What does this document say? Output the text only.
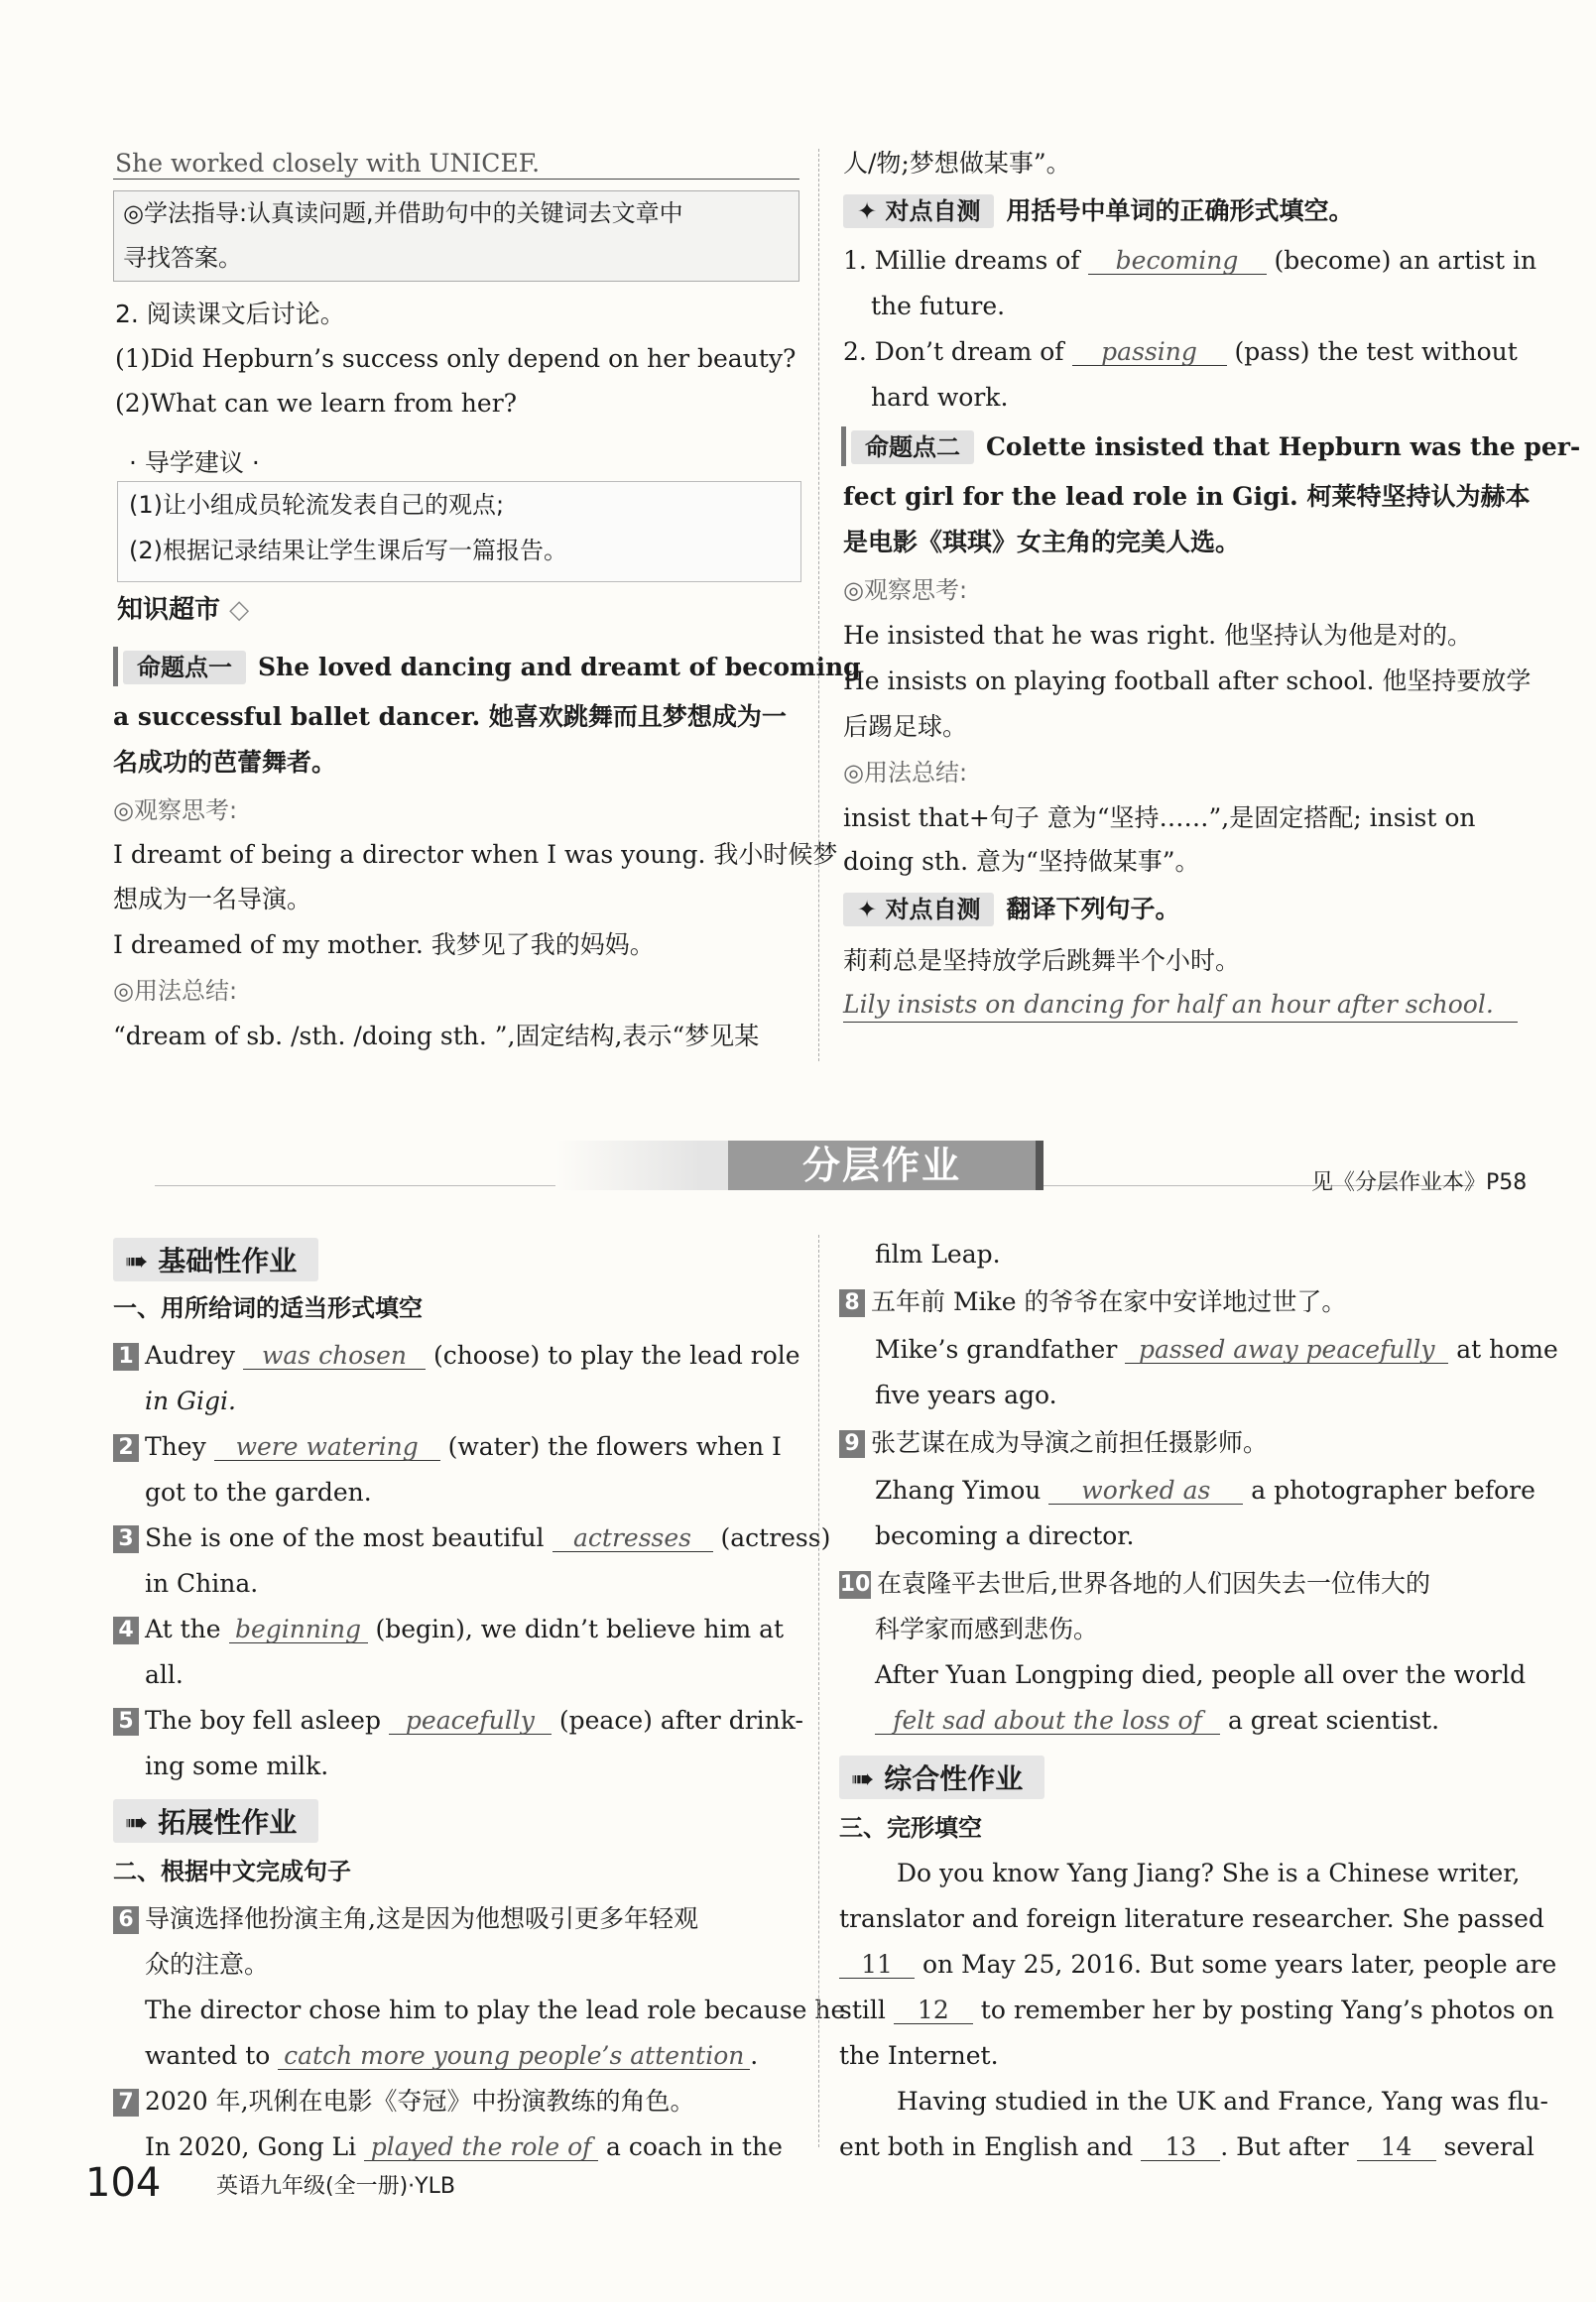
She worked closely with UNICEF.
◎学法指导:认真读问题,并借助句中的关键词去文章中
寻找答案。
2. 阅读课文后讨论。
(1)Did Hepburn’s success only depend on her beauty?
(2)What can we learn from her?
· 导学建议 ·
(1)让小组成员轮流发表自己的观点;
(2)根据记录结果让学生课后写一篇报告。
知识超市 ◇
命题点一 She loved dancing and dreamt of becoming
a successful ballet dancer. 她喜欢跳舞而且梦想成为一
名成功的芭蕾舞者。
◎观察思考:
I dreamt of being a director when I was young. 我小时候梦
想成为一名导演。
I dreamed of my mother. 我梦见了我的妈妈。
◎用法总结:
“dream of sb. /sth. /doing sth. ”,固定结构,表示“梦见某
人/物;梦想做某事”。
✦ 对点自测 用括号中单词的正确形式填空。
1. Millie dreams of becoming (become) an artist in
the future.
2. Don’t dream of passing (pass) the test without
hard work.
命题点二 Colette insisted that Hepburn was the per-
fect girl for the lead role in Gigi. 柯莱特坚持认为赫本
是电影《琪琪》女主角的完美人选。
◎观察思考:
He insisted that he was right. 他坚持认为他是对的。
He insists on playing football after school. 他坚持要放学
后踢足球。
◎用法总结:
insist that+句子 意为“坚持……”,是固定搭配; insist on
doing sth. 意为“坚持做某事”。
✦ 对点自测 翻译下列句子。
莉莉总是坚持放学后跳舞半个小时。
Lily insists on dancing for half an hour after school.
分层作业	见《分层作业本》P58
➠ 基础性作业
一、用所给词的适当形式填空
1 Audrey was chosen (choose) to play the lead role
in Gigi.
2 They were watering (water) the flowers when I
got to the garden.
3 She is one of the most beautiful actresses (actress)
in China.
4 At the beginning (begin), we didn’t believe him at
all.
5 The boy fell asleep peacefully (peace) after drink-
ing some milk.
➠ 拓展性作业
二、根据中文完成句子
6 导演选择他扮演主角,这是因为他想吸引更多年轻观
众的注意。
The director chose him to play the lead role because he
wanted to catch more young people’s attention .
7 2020 年,巩俐在电影《夺冠》中扮演教练的角色。
In 2020, Gong Li played the role of a coach in the
film Leap.
8 五年前 Mike 的爷爷在家中安详地过世了。
Mike’s grandfather passed away peacefully at home
five years ago.
9 张艺谋在成为导演之前担任摄影师。
Zhang Yimou worked as a photographer before
becoming a director.
10 在袁隆平去世后,世界各地的人们因失去一位伟大的
科学家而感到悲伤。
After Yuan Longping died, people all over the world
felt sad about the loss of a great scientist.
➠ 综合性作业
三、完形填空
Do you know Yang Jiang? She is a Chinese writer,
translator and foreign literature researcher. She passed
11 on May 25, 2016. But some years later, people are
still 12 to remember her by posting Yang’s photos on
the Internet.
Having studied in the UK and France, Yang was flu-
ent both in English and 13 . But after 14 several
104	英语九年级(全一册)·YLB
